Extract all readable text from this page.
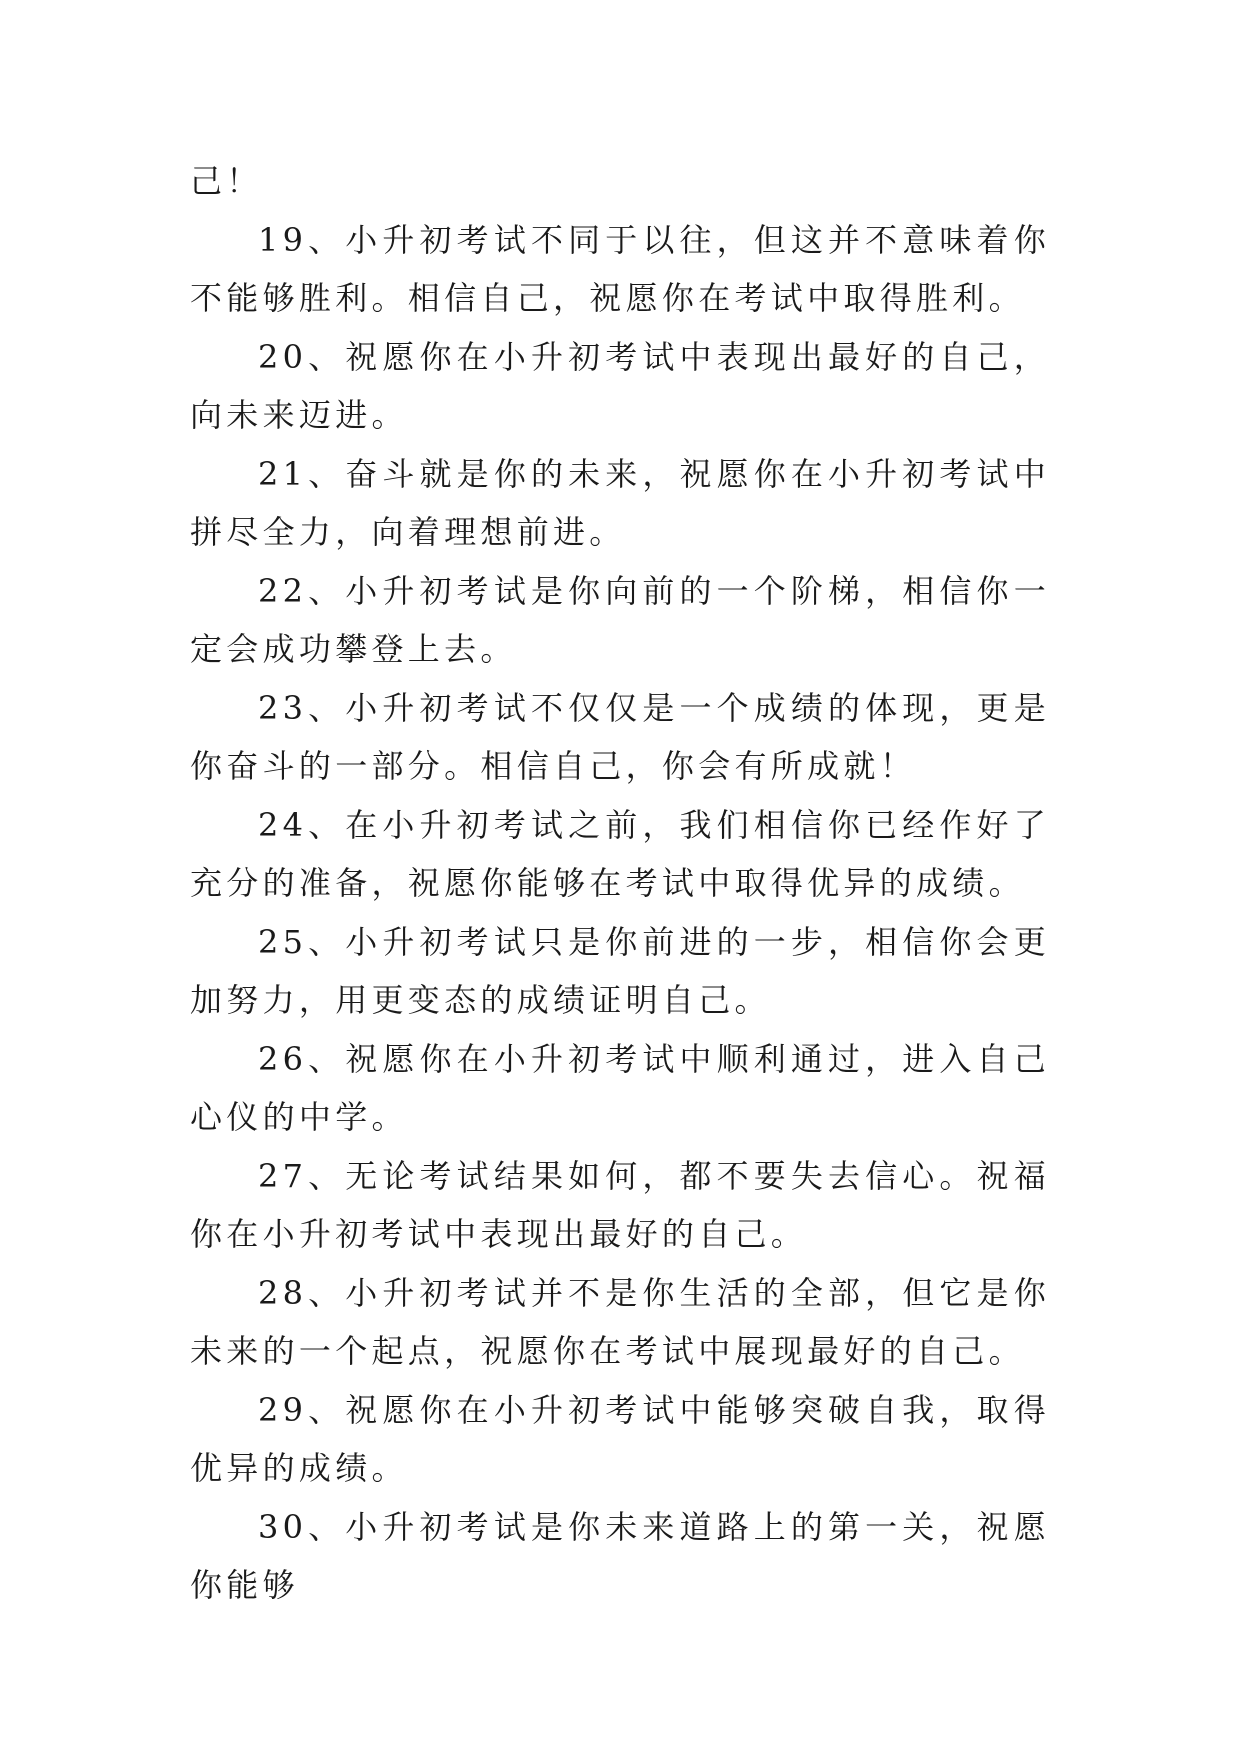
己！

19、小升初考试不同于以往，但这并不意味着你不能够胜利。相信自己，祝愿你在考试中取得胜利。

20、祝愿你在小升初考试中表现出最好的自己，向未来迈进。

21、奋斗就是你的未来，祝愿你在小升初考试中拼尽全力，向着理想前进。

22、小升初考试是你向前的一个阶梯，相信你一定会成功攀登上去。

23、小升初考试不仅仅是一个成绩的体现，更是你奋斗的一部分。相信自己，你会有所成就！

24、在小升初考试之前，我们相信你已经作好了充分的准备，祝愿你能够在考试中取得优异的成绩。

25、小升初考试只是你前进的一步，相信你会更加努力，用更变态的成绩证明自己。

26、祝愿你在小升初考试中顺利通过，进入自己心仪的中学。

27、无论考试结果如何，都不要失去信心。祝福你在小升初考试中表现出最好的自己。

28、小升初考试并不是你生活的全部，但它是你未来的一个起点，祝愿你在考试中展现最好的自己。

29、祝愿你在小升初考试中能够突破自我，取得优异的成绩。

30、小升初考试是你未来道路上的第一关，祝愿你能够
